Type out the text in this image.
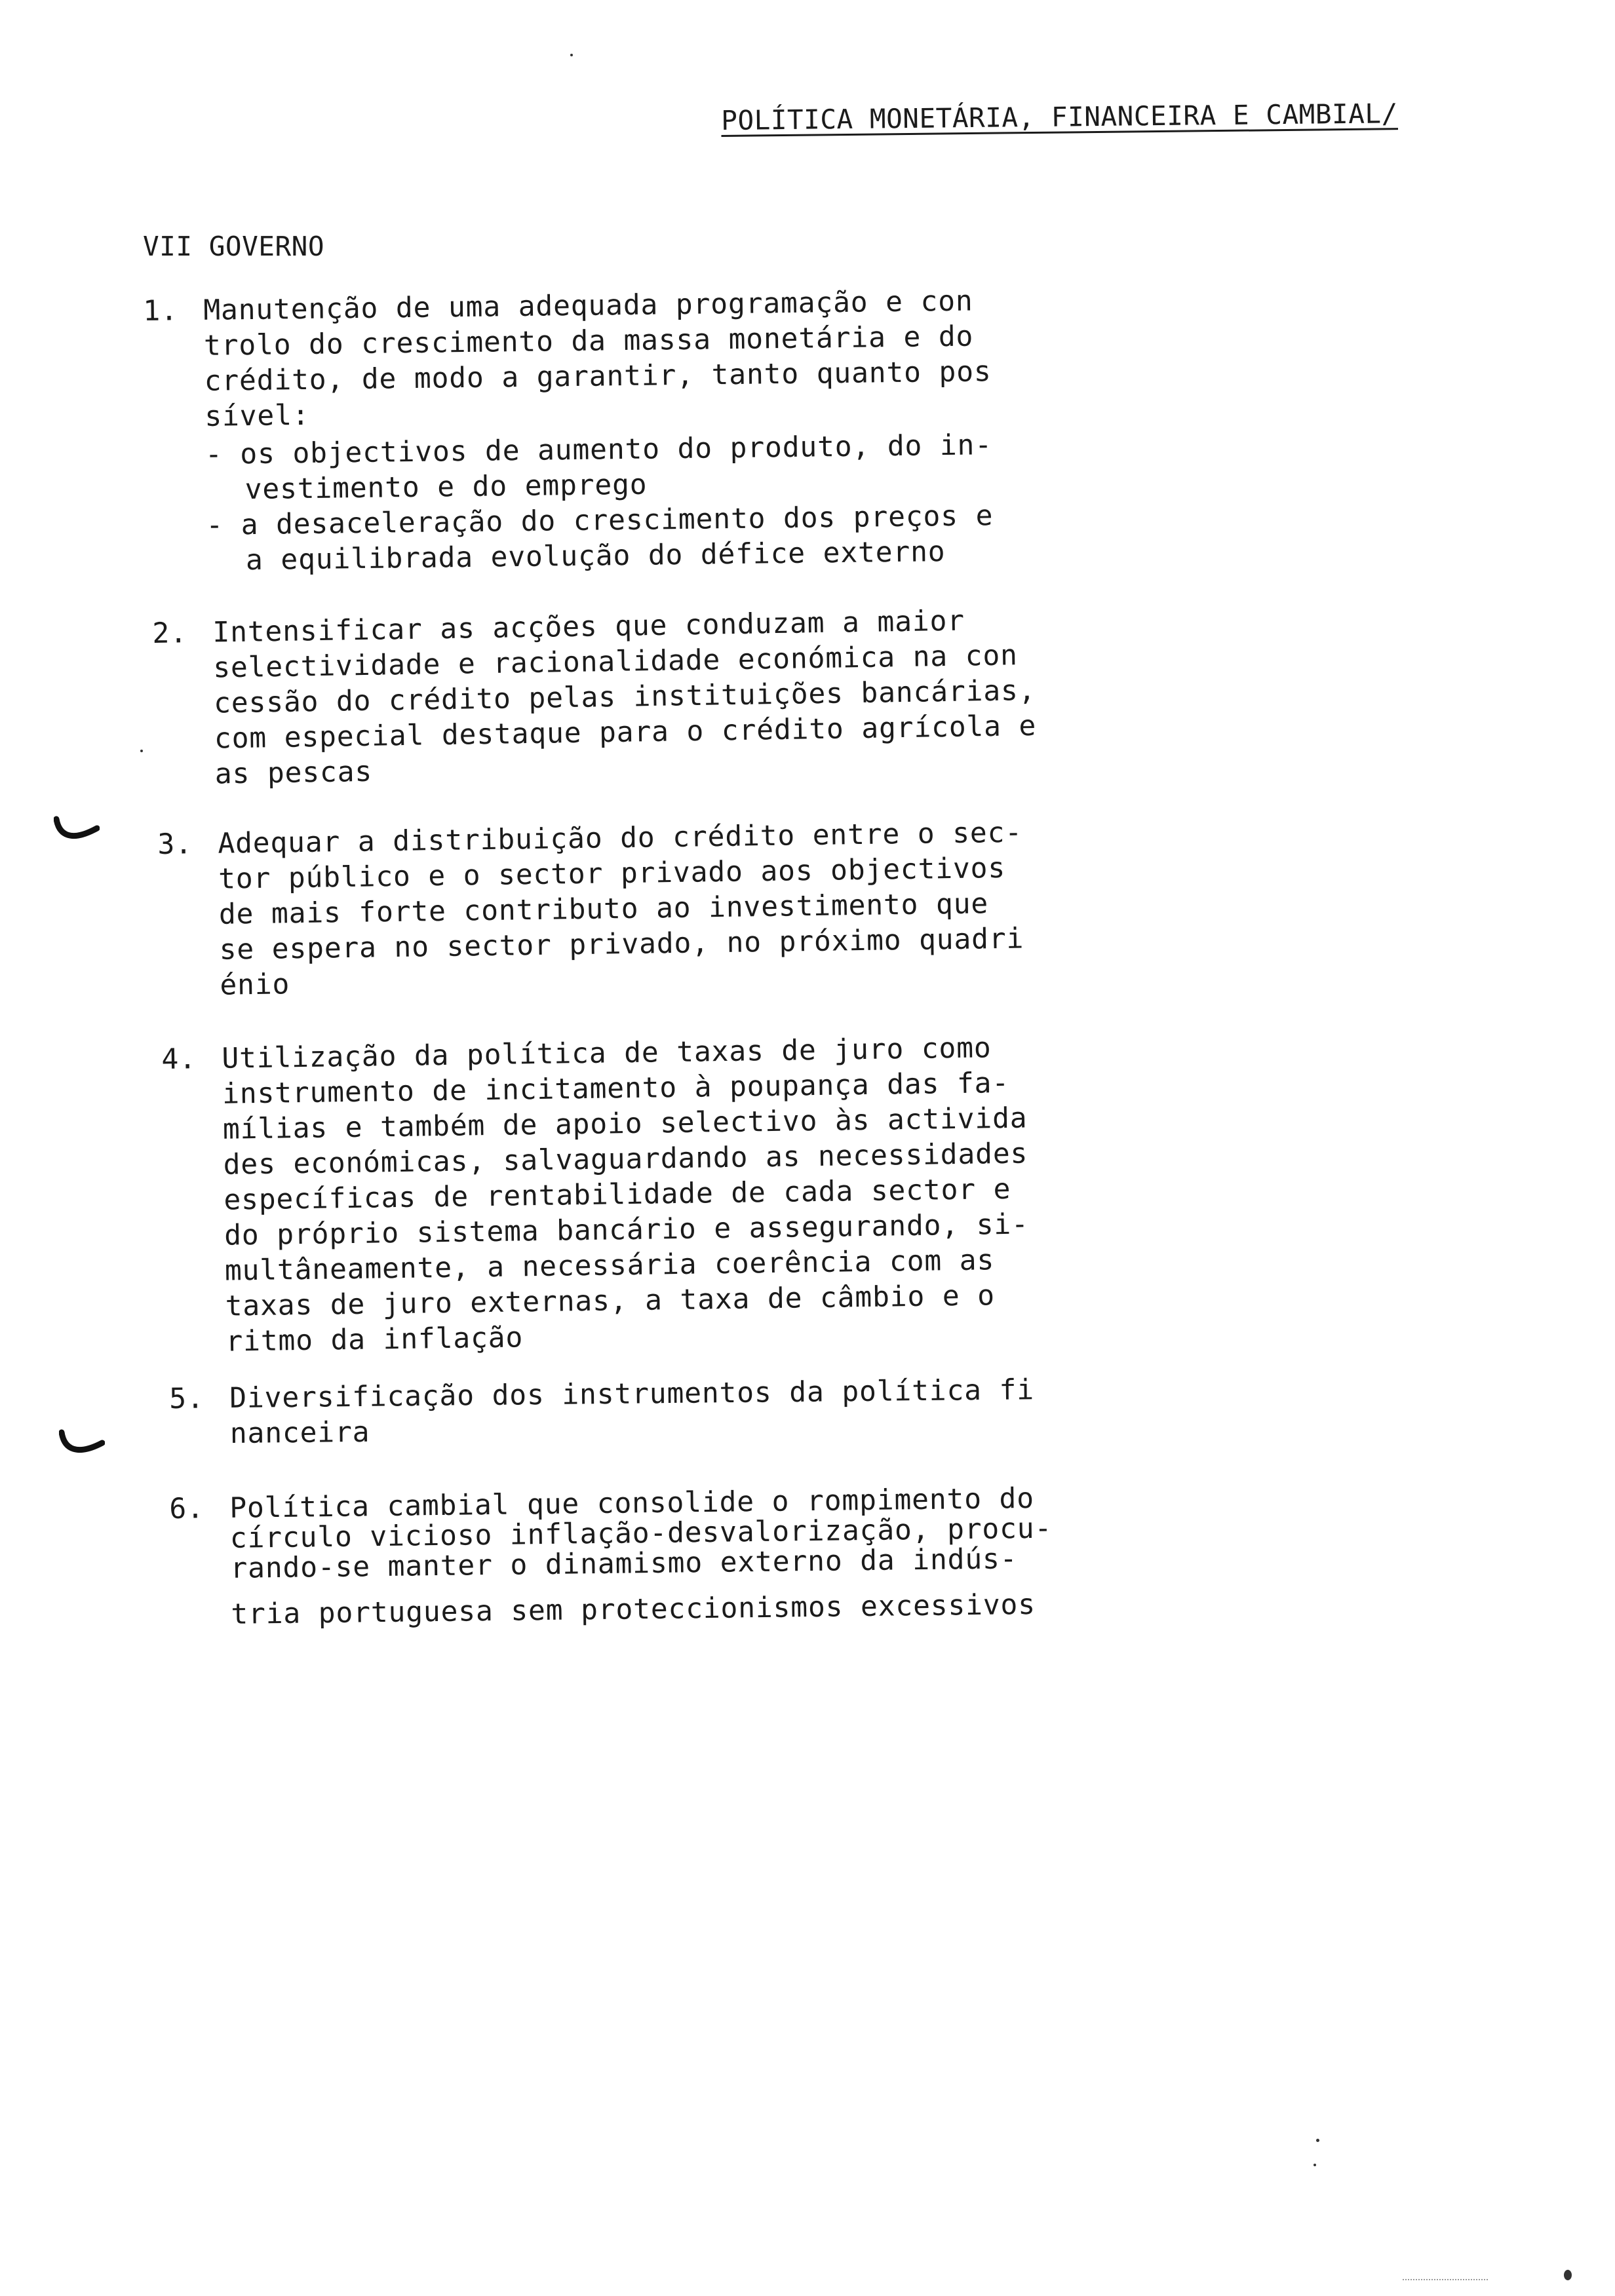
POLÍTICA MONETÁRIA, FINANCEIRA E CAMBIAL/
VII GOVERNO
1. Manutenção de uma adequada programação e con
trolo do crescimento da massa monetária e do
crédito, de modo a garantir, tanto quanto pos
sível:
- os objectivos de aumento do produto, do in-
vestimento e do emprego
- a desaceleração do crescimento dos preços e
a equilibrada evolução do défice externo
2. Intensificar as acções que conduzam a maior
selectividade e racionalidade económica na con
cessão do crédito pelas instituições bancárias,
com especial destaque para o crédito agrícola e
as pescas
3. Adequar a distribuição do crédito entre o sec-
tor público e o sector privado aos objectivos
de mais forte contributo ao investimento que
se espera no sector privado, no próximo quadri
énio
4. Utilização da política de taxas de juro como
instrumento de incitamento à poupança das fa-
mílias e também de apoio selectivo às activida
des económicas, salvaguardando as necessidades
específicas de rentabilidade de cada sector e
do próprio sistema bancário e assegurando, si-
multâneamente, a necessária coerência com as
taxas de juro externas, a taxa de câmbio e o
ritmo da inflação
5. Diversificação dos instrumentos da política fi
nanceira
6. Política cambial que consolide o rompimento do
círculo vicioso inflação-desvalorização, procu-
rando-se manter o dinamismo externo da indús-
tria portuguesa sem proteccionismos excessivos
